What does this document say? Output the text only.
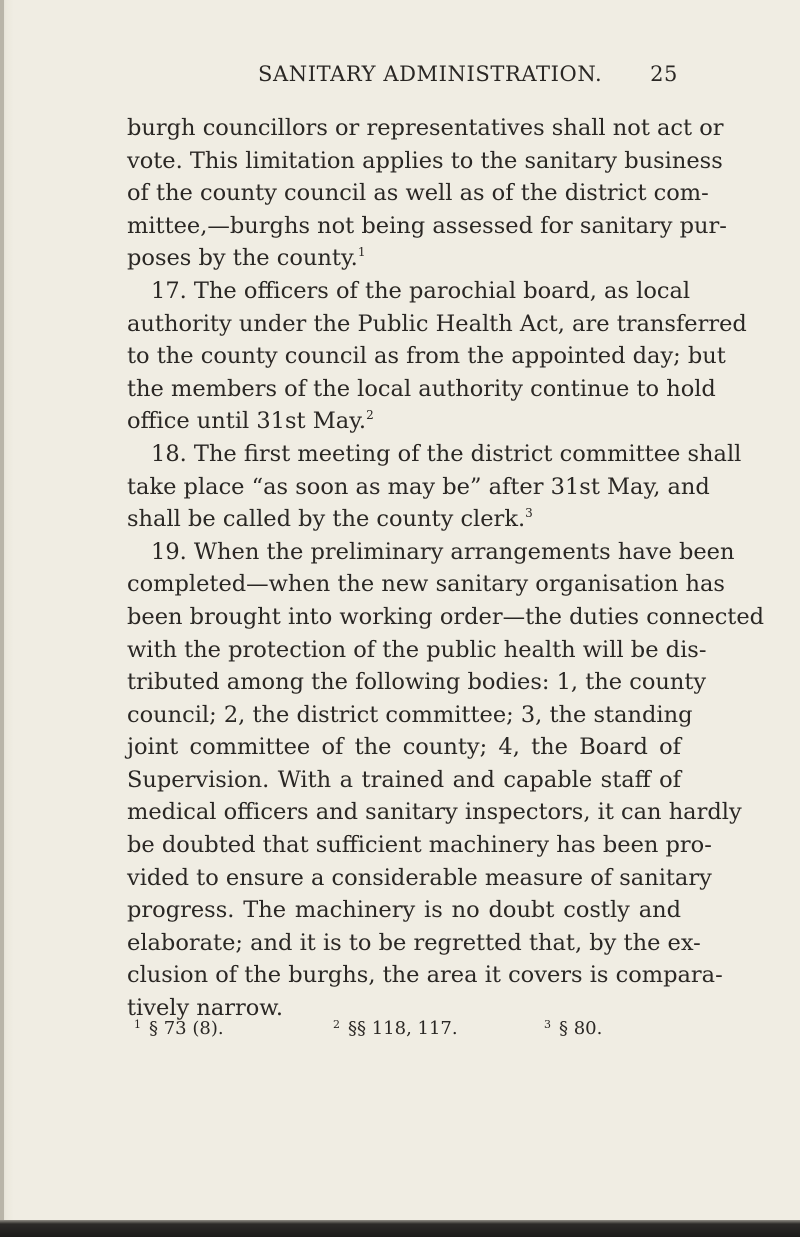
SANITARY ADMINISTRATION. 25
burgh councillors or representatives shall not act or
vote. This limitation applies to the sanitary business
of the county council as well as of the district com-
mittee,—burghs not being assessed for sanitary pur-
poses by the county.$^1$
17. The officers of the parochial board, as local
authority under the Public Health Act, are transferred
to the county council as from the appointed day; but
the members of the local authority continue to hold
office until 31st May.$^2$
18. The first meeting of the district committee shall
take place “as soon as may be” after 31st May, and
shall be called by the county clerk.$^3$
19. When the preliminary arrangements have been
completed—when the new sanitary organisation has
been brought into working order—the duties connected
with the protection of the public health will be dis-
tributed among the following bodies: 1, the county
council; 2, the district committee; 3, the standing
joint committee of the county; 4, the Board of
Supervision. With a trained and capable staff of
medical officers and sanitary inspectors, it can hardly
be doubted that sufficient machinery has been pro-
vided to ensure a considerable measure of sanitary
progress. The machinery is no doubt costly and
elaborate; and it is to be regretted that, by the ex-
clusion of the burghs, the area it covers is compara-
tively narrow.
$^1$ § 73 (8).	$^2$ §§ 118, 117.	$^3$ § 80.
